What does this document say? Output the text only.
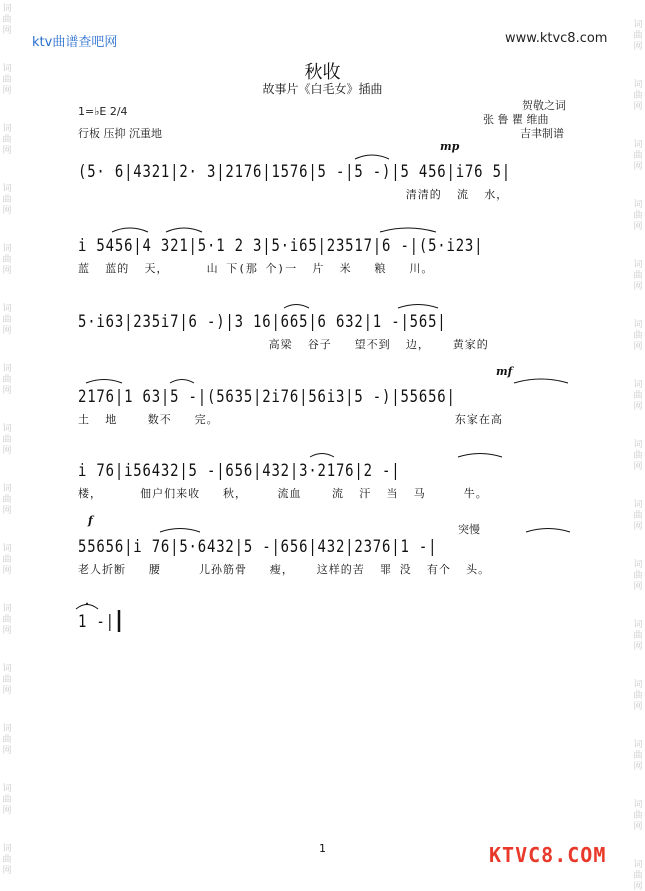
词
曲
网
词
曲
网
词
曲
网
词
曲
网
词
曲
网
词
曲
网
词
曲
网
词
曲
网
词
曲
网
词
曲
网
词
曲
网
词
曲
网
词
曲
网
词
曲
网
词
曲
网
词
曲
网
词
曲
网
词
曲
网
词
曲
网
词
曲
网
词
曲
网
词
曲
网
词
曲
网
词
曲
网
词
曲
网
词
曲
网
词
曲
网
词
曲
网
词
曲
网
词
曲
网
ktv曲谱查吧网	www.ktvc8.com
秋收
故事片《白毛女》插曲
1=♭E 2/4
行板 压抑 沉重地
贺敬之词
张 鲁 瞿 维曲
吉聿制谱
mp
mf
f
突慢
(5· 6|4321|2· 3|2176|1576|5 -|5 -)|5 456|i76 5|
清清的  流  水，
i 5456|4 321|5·1 2 3|5·i65|23517|6 -|(5·i23|
蓝  蓝的  天，     山 下(那 个)一  片  米   粮   川。
5·i63|235i7|6 -)|3 16|665|6 632|1 -|565|
高梁  谷子   望不到  边，   黄家的
2176|1 63|5 -|(5635|2i76|56i3|5 -)|55656|
土  地    数不   完。                               东家在高
i 76|i56432|5 -|656|432|3·2176|2 -|
楼，     佃户们来收   秋，    流血    流  汗  当  马     牛。
55656|i 76|5·6432|5 -|656|432|2376|1 -|
老人折断   腰     儿孙筋骨   瘦，   这样的苦  罪 没  有个  头。
1 -|
1	KTVC8.COM
